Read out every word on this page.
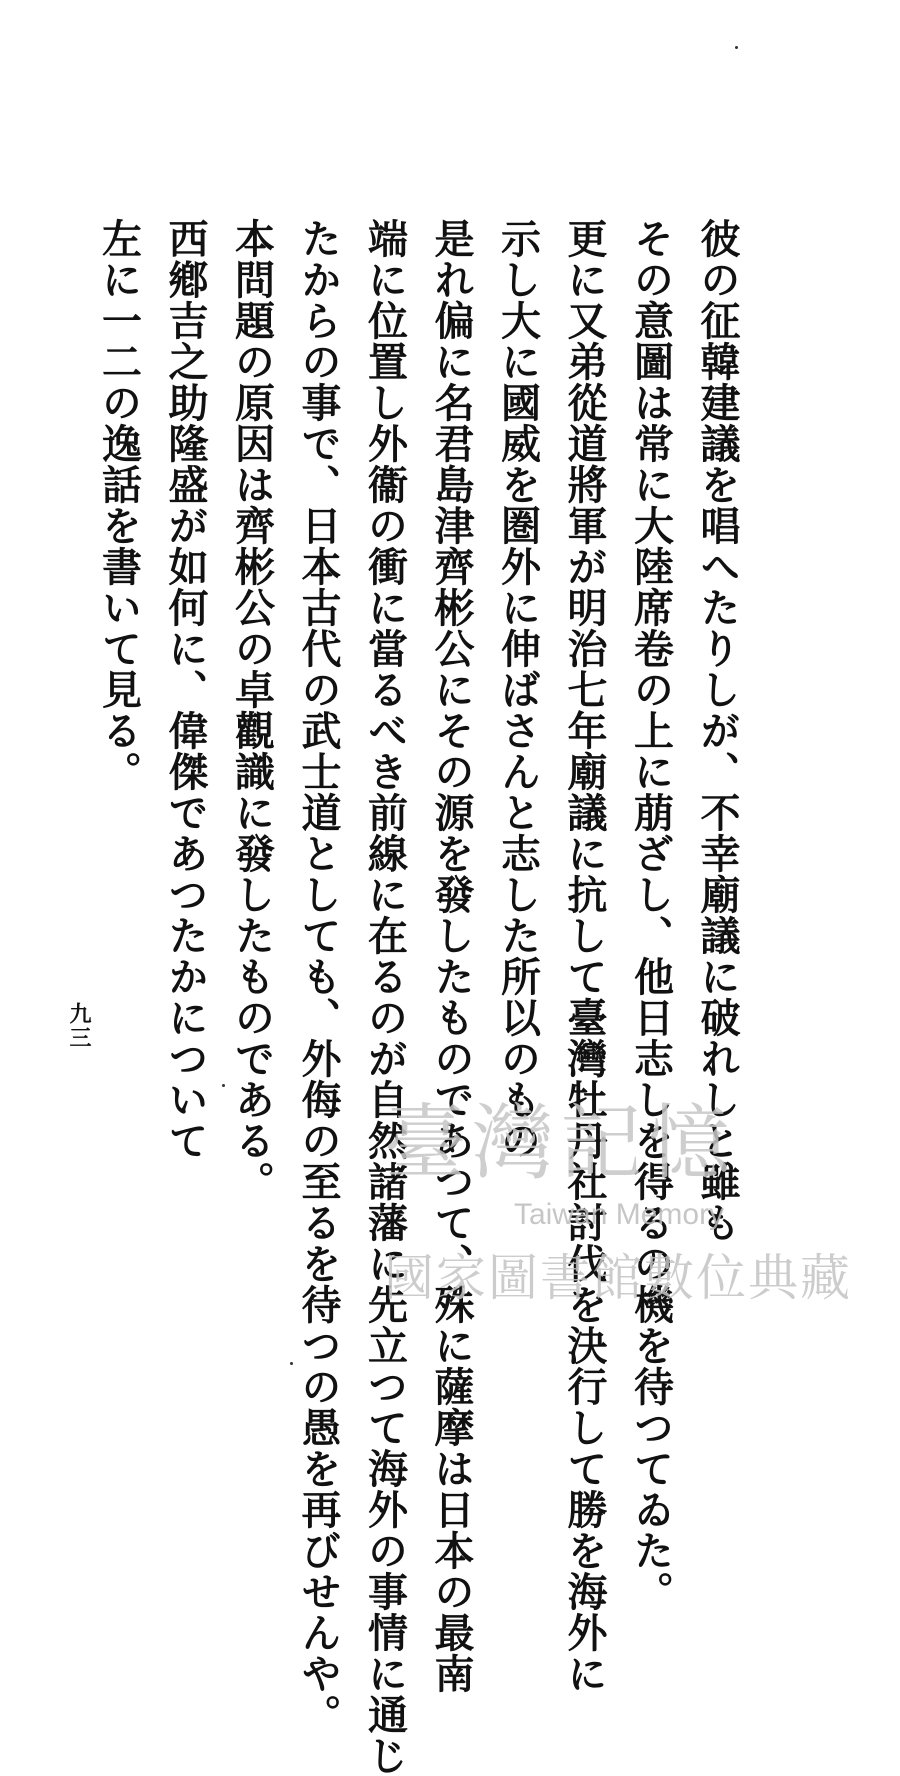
彼の征韓建議を唱へたりしが、不幸廟議に破れしと雖も
その意圖は常に大陸席卷の上に萠ざし、他日志しを得るの機を待つてゐた。
更に又弟從道將軍が明治七年廟議に抗して臺灣牡丹社討伐を決行して勝を海外に
示し大に國威を圏外に伸ばさんと志した所以のもの
是れ偏に名君島津齊彬公にその源を發したものであつて、殊に薩摩は日本の最南
端に位置し外衞の衝に當るべき前線に在るのが自然諸藩に先立つて海外の事情に通じ
たからの事で、日本古代の武士道としても、外侮の至るを待つの愚を再びせんや。
本問題の原因は齊彬公の卓觀識に發したものである。
西鄕吉之助隆盛が如何に、偉傑であつたかについて
左に一二の逸話を書いて見る。
九三
臺灣記憶
Taiwan Memory
國家圖書館數位典藏
